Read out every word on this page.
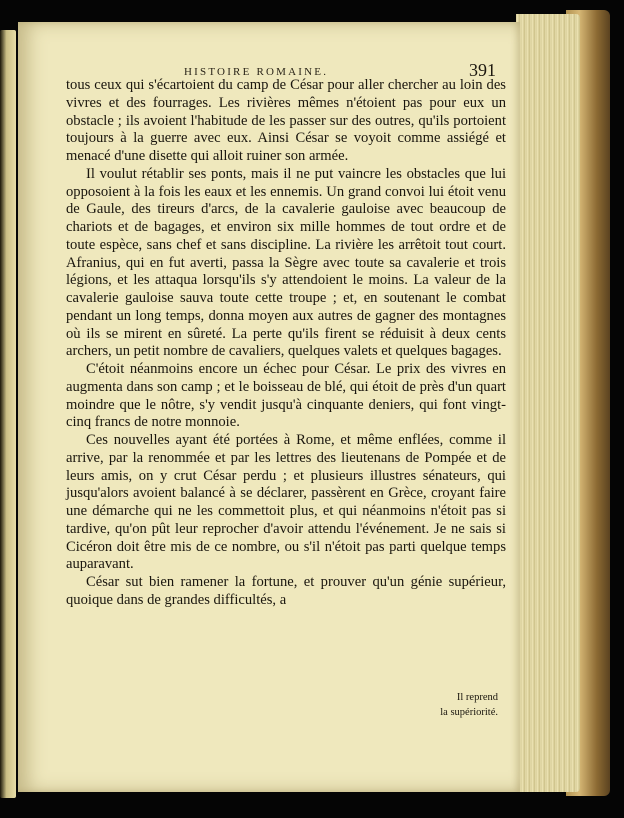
HISTOIRE ROMAINE.	391

tous ceux qui s'écartoient du camp de César pour aller chercher au loin des vivres et des fourrages. Les rivières mêmes n'étoient pas pour eux un obstacle ; ils avoient l'habitude de les passer sur des outres, qu'ils portoient toujours à la guerre avec eux. Ainsi César se voyoit comme assiégé et menacé d'une disette qui alloit ruiner son armée.

Il voulut rétablir ses ponts, mais il ne put vaincre les obstacles que lui opposoient à la fois les eaux et les ennemis. Un grand convoi lui étoit venu de Gaule, des tireurs d'arcs, de la cavalerie gauloise avec beaucoup de chariots et de bagages, et environ six mille hommes de tout ordre et de toute espèce, sans chef et sans discipline. La rivière les arrêtoit tout court. Afranius, qui en fut averti, passa la Sègre avec toute sa cavalerie et trois légions, et les attaqua lorsqu'ils s'y attendoient le moins. La valeur de la cavalerie gauloise sauva toute cette troupe ; et, en soutenant le combat pendant un long temps, donna moyen aux autres de gagner des montagnes où ils se mirent en sûreté. La perte qu'ils firent se réduisit à deux cents archers, un petit nombre de cavaliers, quelques valets et quelques bagages.

C'étoit néanmoins encore un échec pour César. Le prix des vivres en augmenta dans son camp ; et le boisseau de blé, qui étoit de près d'un quart moindre que le nôtre, s'y vendit jusqu'à cinquante deniers, qui font vingt-cinq francs de notre monnoie.

Ces nouvelles ayant été portées à Rome, et même enflées, comme il arrive, par la renommée et par les lettres des lieutenans de Pompée et de leurs amis, on y crut César perdu ; et plusieurs illustres sénateurs, qui jusqu'alors avoient balancé à se déclarer, passèrent en Grèce, croyant faire une démarche qui ne les commettoit plus, et qui néanmoins n'étoit pas si tardive, qu'on pût leur reprocher d'avoir attendu l'événement. Je ne sais si Cicéron doit être mis de ce nombre, ou s'il n'étoit pas parti quelque temps auparavant.

César sut bien ramener la fortune, et prouver qu'un génie supérieur, quoique dans de grandes difficultés, a

Il reprend
la supériorité.
